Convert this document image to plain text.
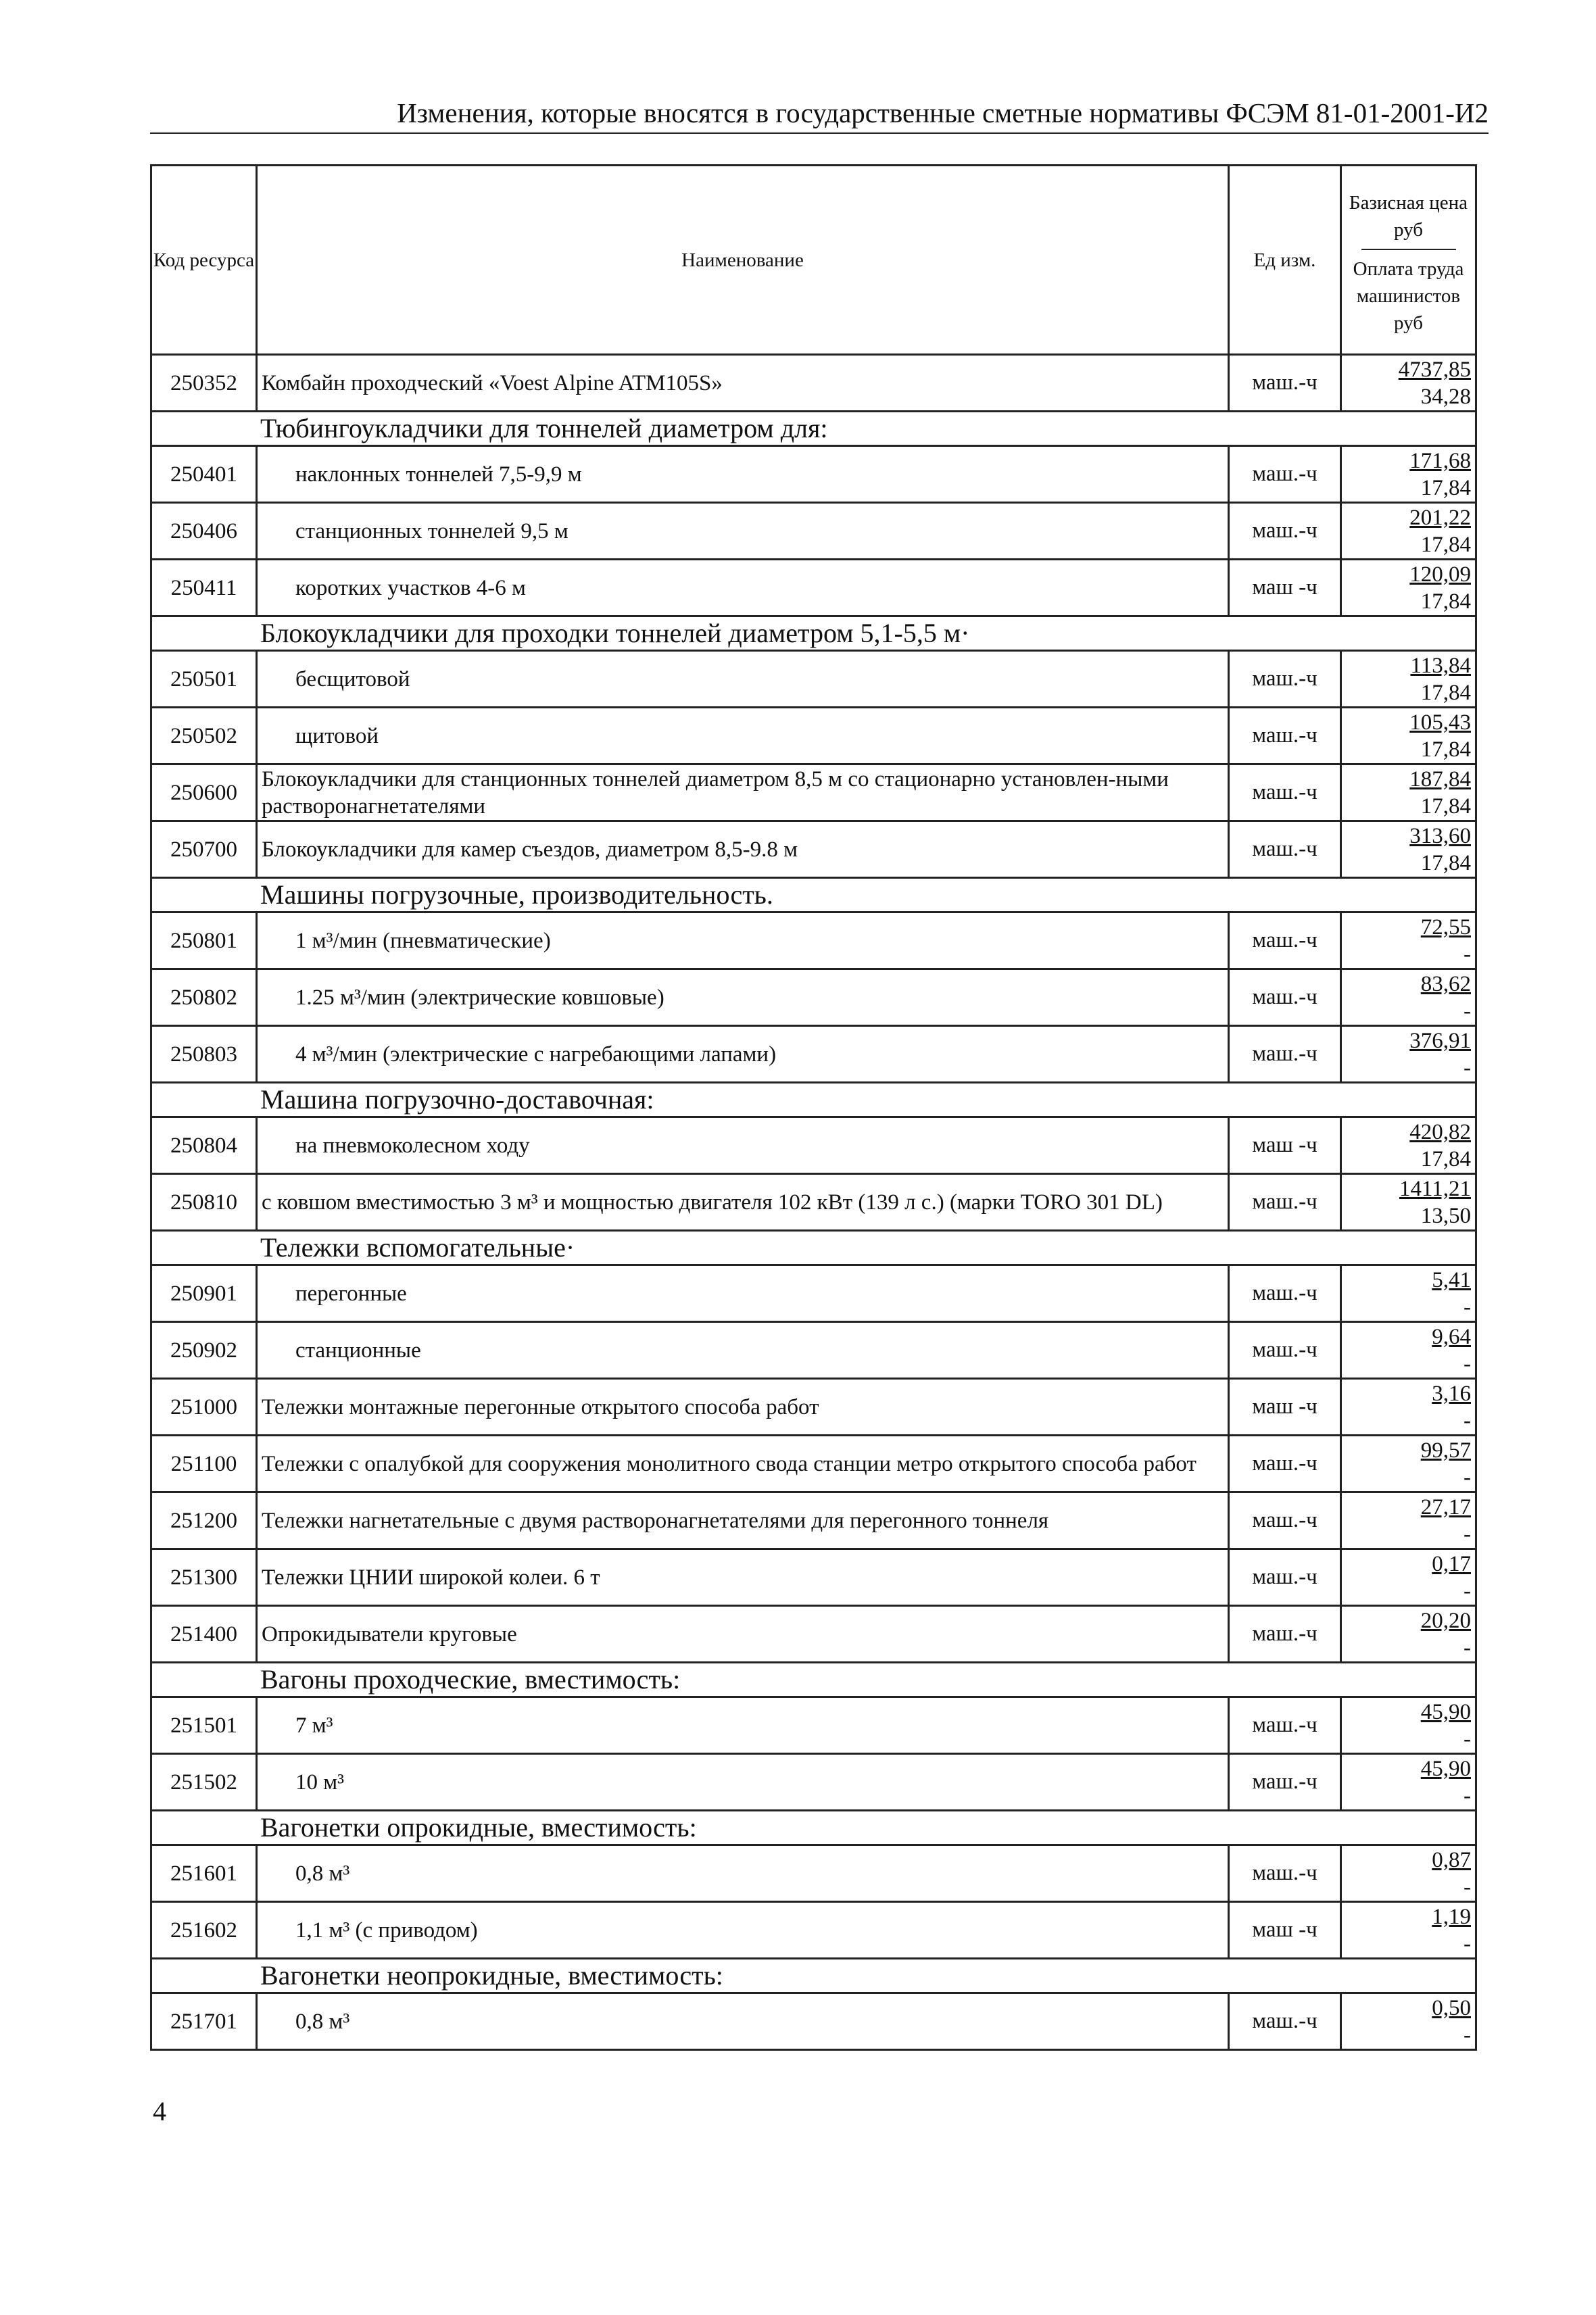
Изменения, которые вносятся в государственные сметные нормативы ФСЭМ 81-01-2001-И2
Код ресурса	Наименование	Ед изм.	Базисная цена руб
Оплата труда машинистов руб

250352	Комбайн проходческий «Voest Alpine ATM105S»	маш.-ч	4737,85
34,28

Тюбингоукладчики для тоннелей диаметром для:			
250401	наклонных тоннелей 7,5-9,9 м	маш.-ч	171,68
17,84

250406	станционных тоннелей 9,5 м	маш.-ч	201,22
17,84

250411	коротких участков 4-6 м	маш -ч	120,09
17,84

Блокоукладчики для проходки тоннелей диаметром 5,1-5,5 м·			
250501	бесщитовой	маш.-ч	113,84
17,84

250502	щитовой	маш.-ч	105,43
17,84

250600	Блокоукладчики для станционных тоннелей диаметром 8,5 м со стационарно установлен-ными растворонагнетателями	маш.-ч	187,84
17,84

250700	Блокоукладчики для камер съездов, диаметром 8,5-9.8 м	маш.-ч	313,60
17,84

Машины погрузочные, производительность.			
250801	1 м³/мин (пневматические)	маш.-ч	72,55
-

250802	1.25 м³/мин (электрические ковшовые)	маш.-ч	83,62
-

250803	4 м³/мин (электрические с нагребающими лапами)	маш.-ч	376,91
-

Машина погрузочно-доставочная:			
250804	на пневмоколесном ходу	маш -ч	420,82
17,84

250810	с ковшом вместимостью 3 м³ и мощностью двигателя 102 кВт (139 л с.) (марки TORO 301 DL)	маш.-ч	1411,21
13,50

Тележки вспомогательные·			
250901	перегонные	маш.-ч	5,41
-

250902	станционные	маш.-ч	9,64
-

251000	Тележки монтажные перегонные открытого способа работ	маш -ч	3,16
-

251100	Тележки с опалубкой для сооружения монолитного свода станции метро открытого способа работ	маш.-ч	99,57
-

251200	Тележки нагнетательные с двумя растворонагнетателями для перегонного тоннеля	маш.-ч	27,17
-

251300	Тележки ЦНИИ широкой колеи. 6 т	маш.-ч	0,17
-

251400	Опрокидыватели круговые	маш.-ч	20,20
-

Вагоны проходческие, вместимость:			
251501	7 м³	маш.-ч	45,90
-

251502	10 м³	маш.-ч	45,90
-

Вагонетки опрокидные, вместимость:			
251601	0,8 м³	маш.-ч	0,87
-

251602	1,1 м³ (с приводом)	маш -ч	1,19
-

Вагонетки неопрокидные, вместимость:			
251701	0,8 м³	маш.-ч	0,50
-
4
